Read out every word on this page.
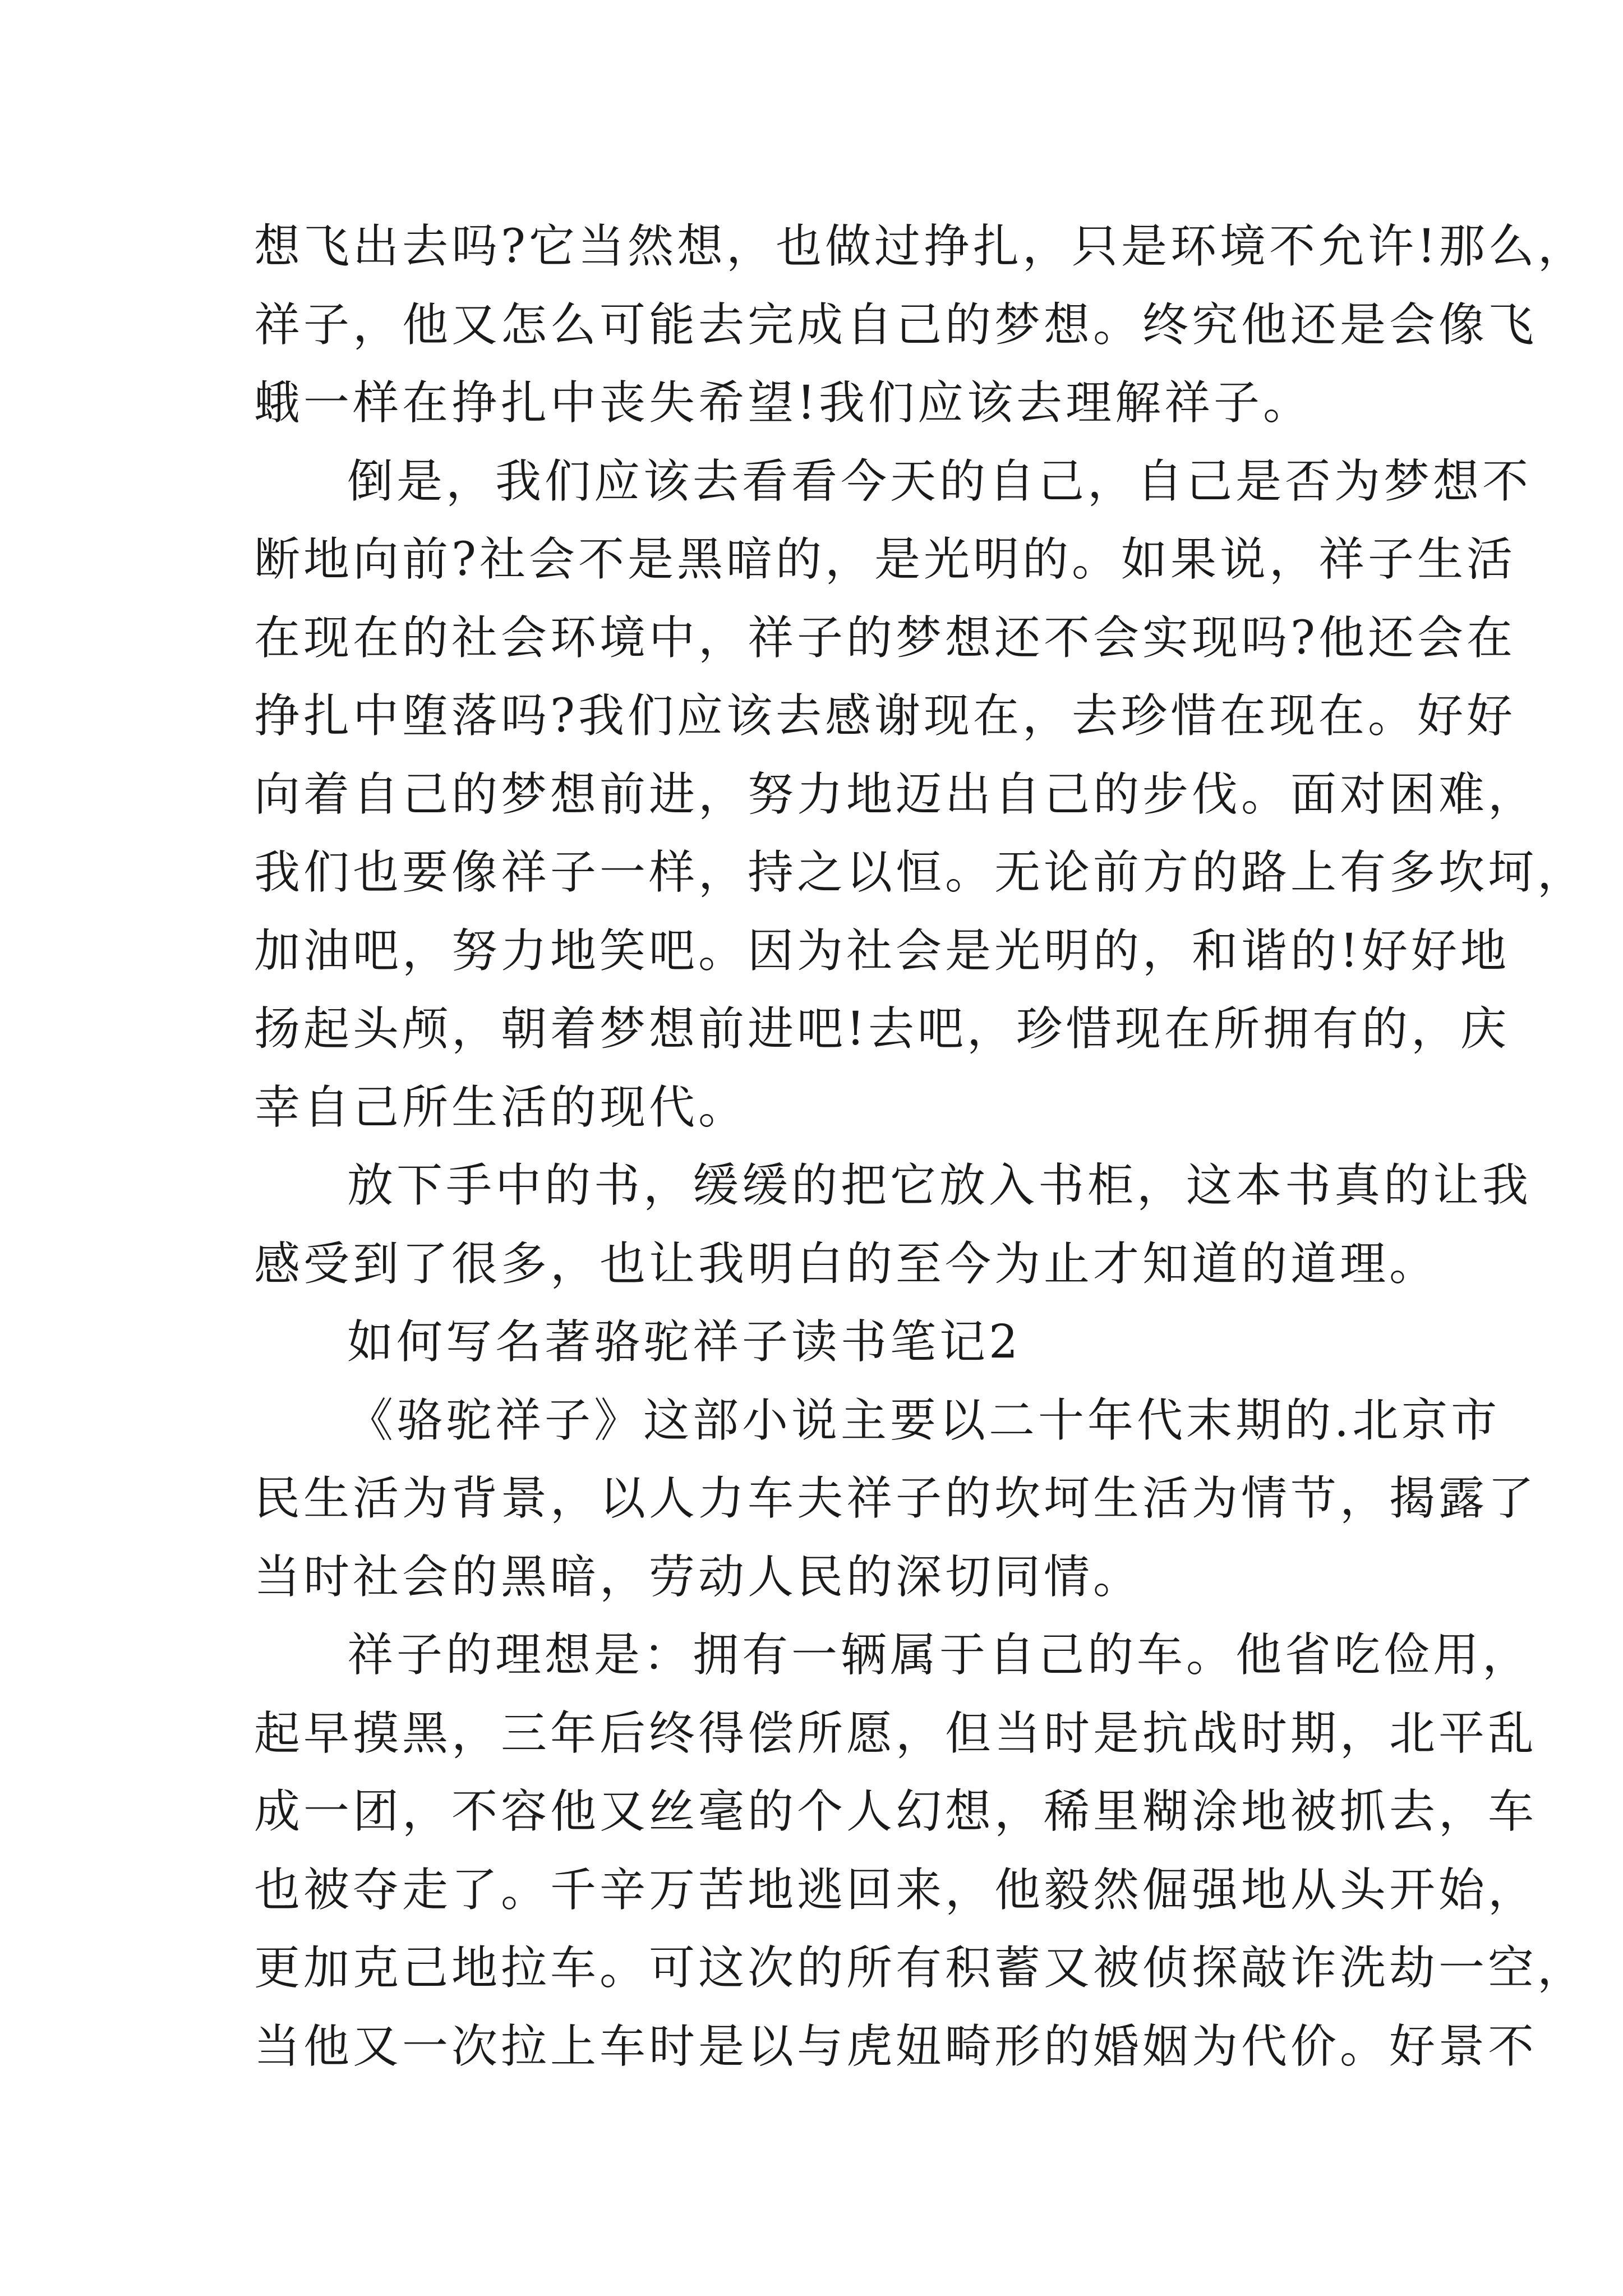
想飞出去吗?它当然想，也做过挣扎，只是环境不允许!那么，
祥子，他又怎么可能去完成自己的梦想。终究他还是会像飞
蛾一样在挣扎中丧失希望!我们应该去理解祥子。
倒是，我们应该去看看今天的自己，自己是否为梦想不
断地向前?社会不是黑暗的，是光明的。如果说，祥子生活
在现在的社会环境中，祥子的梦想还不会实现吗?他还会在
挣扎中堕落吗?我们应该去感谢现在，去珍惜在现在。好好
向着自己的梦想前进，努力地迈出自己的步伐。面对困难，
我们也要像祥子一样，持之以恒。无论前方的路上有多坎坷，
加油吧，努力地笑吧。因为社会是光明的，和谐的!好好地
扬起头颅，朝着梦想前进吧!去吧，珍惜现在所拥有的，庆
幸自己所生活的现代。
放下手中的书，缓缓的把它放入书柜，这本书真的让我
感受到了很多，也让我明白的至今为止才知道的道理。
如何写名著骆驼祥子读书笔记2
《骆驼祥子》这部小说主要以二十年代末期的.北京市
民生活为背景，以人力车夫祥子的坎坷生活为情节，揭露了
当时社会的黑暗，劳动人民的深切同情。
祥子的理想是：拥有一辆属于自己的车。他省吃俭用，
起早摸黑，三年后终得偿所愿，但当时是抗战时期，北平乱
成一团，不容他又丝毫的个人幻想，稀里糊涂地被抓去，车
也被夺走了。千辛万苦地逃回来，他毅然倔强地从头开始，
更加克己地拉车。可这次的所有积蓄又被侦探敲诈洗劫一空，
当他又一次拉上车时是以与虎妞畸形的婚姻为代价。好景不
